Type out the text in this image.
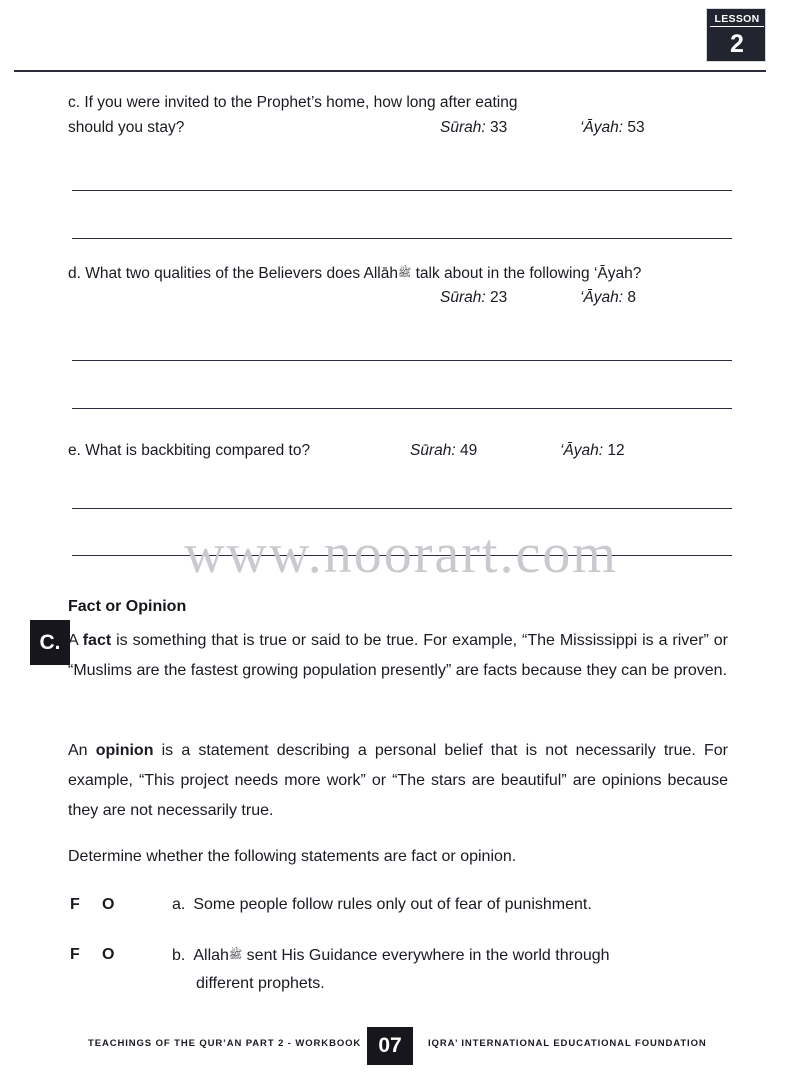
LESSON
2
c. If you were invited to the Prophet’s home, how long after eating
should you stay?	Sūrah: 33	‘Āyah: 53
d. What two qualities of the Believers does Allāhﷺ talk about in the following ‘Āyah?
Sūrah: 23	‘Āyah: 8
e. What is backbiting compared to?	Sūrah: 49	‘Āyah: 12
www.noorart.com
Fact or Opinion
C. A fact is something that is true or said to be true. For example, “The Mississippi is a river” or “Muslims are the fastest growing population presently” are facts because they can be proven.
An opinion is a statement describing a personal belief that is not necessarily true. For example, “This project needs more work” or “The stars are beautiful” are opinions because they are not necessarily true.
Determine whether the following statements are fact or opinion.
F O	a. Some people follow rules only out of fear of punishment.
F O	b. Allahﷺ sent His Guidance everywhere in the world through
different prophets.
TEACHINGS OF THE QUR’AN PART 2 - WORKBOOK 07	IQRA’ INTERNATIONAL EDUCATIONAL FOUNDATION
